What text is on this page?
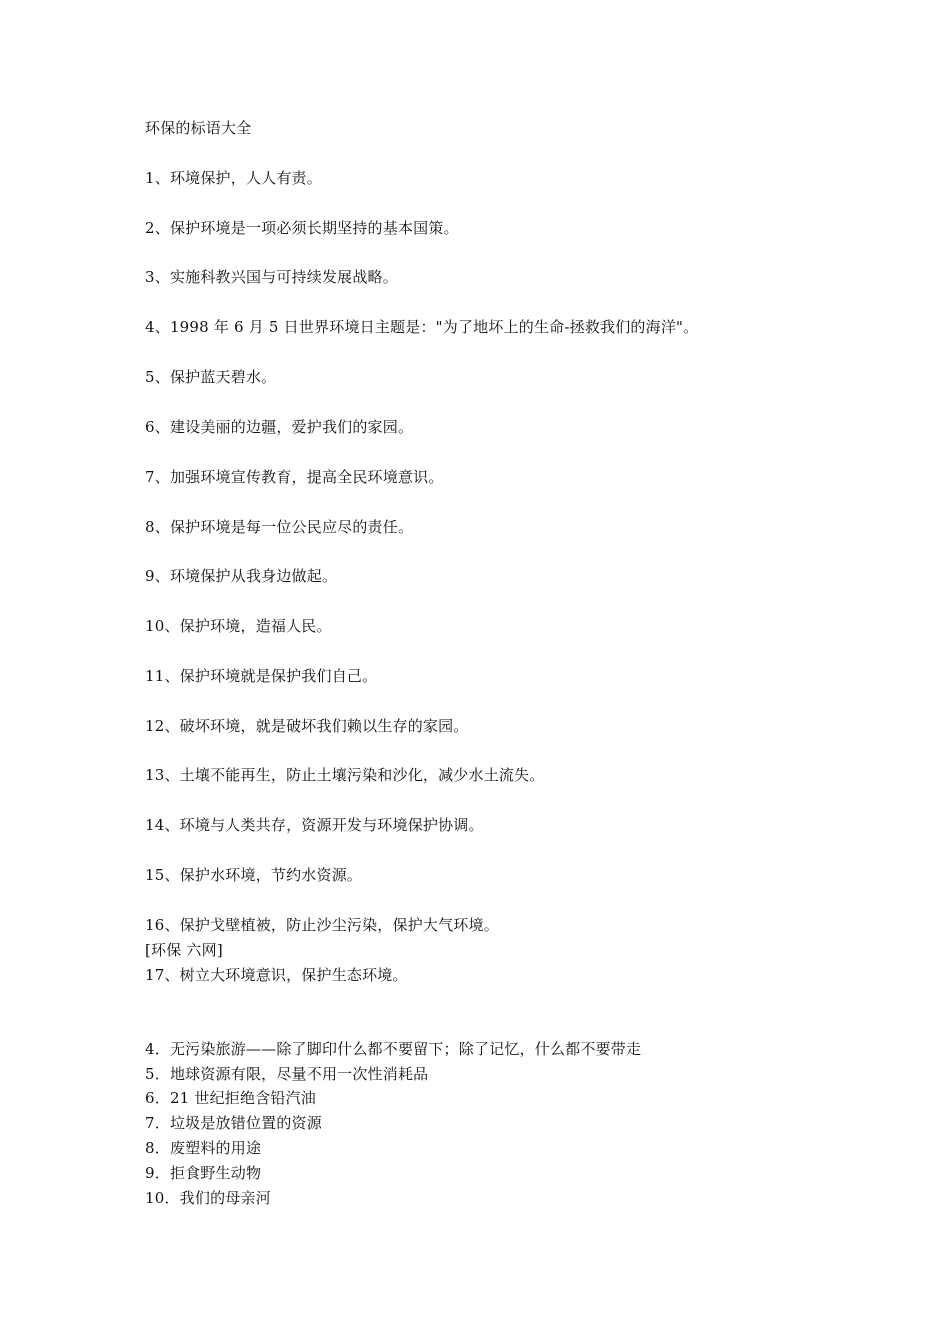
环保的标语大全
1、环境保护，人人有责。
2、保护环境是一项必须长期坚持的基本国策。
3、实施科教兴国与可持续发展战略。
4、1998 年 6 月 5 日世界环境日主题是："为了地坏上的生命-拯救我们的海洋"。
5、保护蓝天碧水。
6、建设美丽的边疆，爱护我们的家园。
7、加强环境宣传教育，提高全民环境意识。
8、保护环境是每一位公民应尽的责任。
9、环境保护从我身边做起。
10、保护环境，造福人民。
11、保护环境就是保护我们自己。
12、破坏环境，就是破坏我们赖以生存的家园。
13、土壤不能再生，防止土壤污染和沙化，减少水土流失。
14、环境与人类共存，资源开发与环境保护协调。
15、保护水环境，节约水资源。
16、保护戈壁植被，防止沙尘污染，保护大气环境。
[环保 六网]
17、树立大环境意识，保护生态环境。
4．无污染旅游——除了脚印什么都不要留下；除了记忆，什么都不要带走
5．地球资源有限，尽量不用一次性消耗品
6．21 世纪拒绝含铅汽油
7．垃圾是放错位置的资源
8．废塑料的用途
9．拒食野生动物
10．我们的母亲河
